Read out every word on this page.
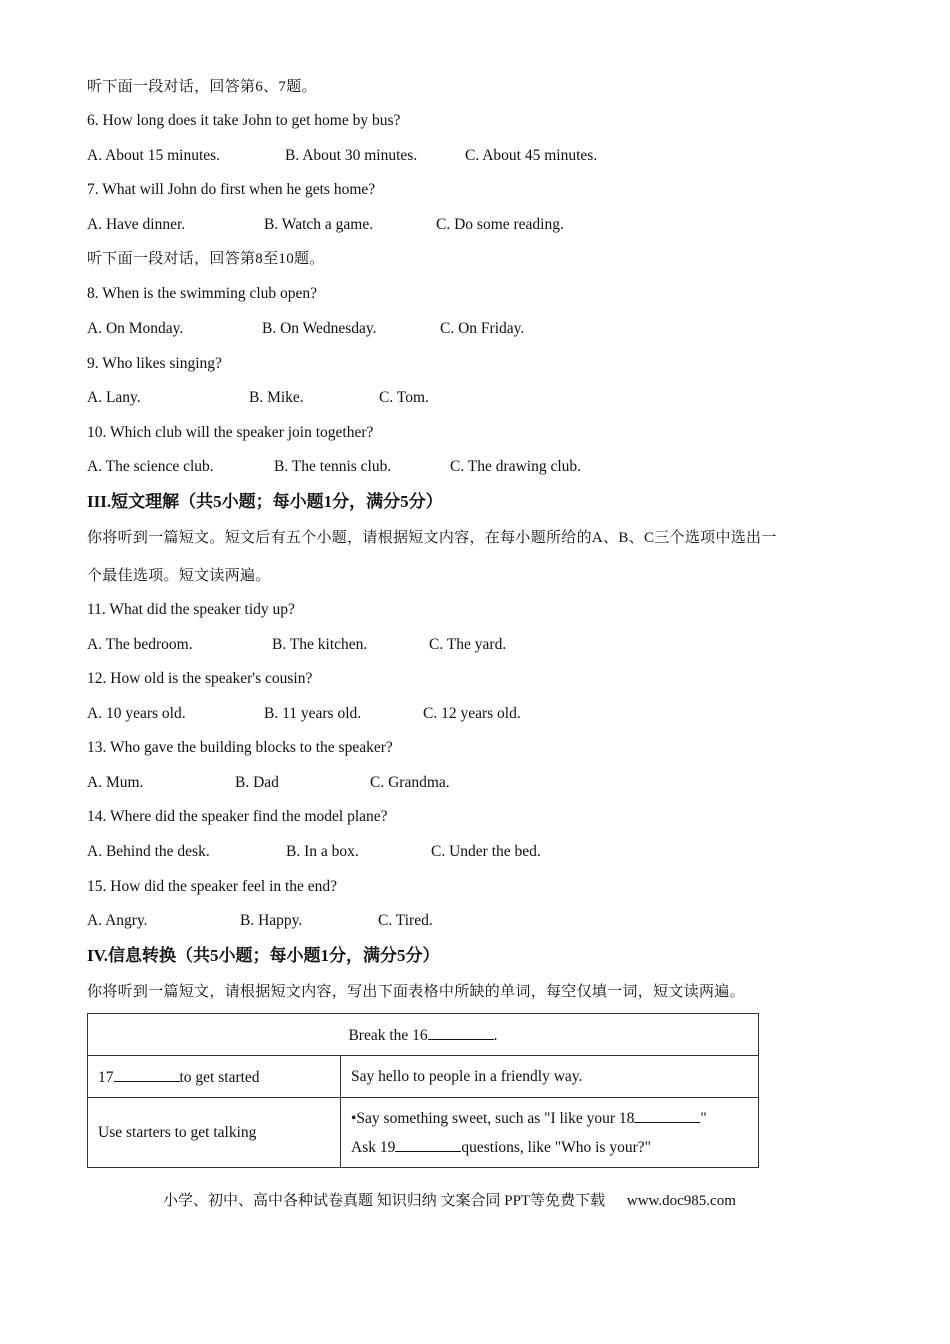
听下面一段对话，回答第6、7题。
6. How long does it take John to get home by bus?
A. About 15 minutes.	B. About 30 minutes.	C. About 45 minutes.
7. What will John do first when he gets home?
A. Have dinner.	B. Watch a game.	C. Do some reading.
听下面一段对话，回答第8至10题。
8. When is the swimming club open?
A. On Monday.	B. On Wednesday.	C. On Friday.
9. Who likes singing?
A. Lany.	B. Mike.	C. Tom.
10. Which club will the speaker join together?
A. The science club.	B. The tennis club.	C. The drawing club.
III.短文理解（共5小题；每小题1分，满分5分）
你将听到一篇短文。短文后有五个小题，请根据短文内容，在每小题所给的A、B、C三个选项中选出一
个最佳选项。短文读两遍。
11. What did the speaker tidy up?
A. The bedroom.	B. The kitchen.	C. The yard.
12. How old is the speaker's cousin?
A. 10 years old.	B. 11 years old.	C. 12 years old.
13. Who gave the building blocks to the speaker?
A. Mum.	B. Dad	C. Grandma.
14. Where did the speaker find the model plane?
A. Behind the desk.	B. In a box.	C. Under the bed.
15. How did the speaker feel in the end?
A. Angry.	B. Happy.	C. Tired.
IV.信息转换（共5小题；每小题1分，满分5分）
你将听到一篇短文，请根据短文内容，写出下面表格中所缺的单词，每空仅填一词，短文读两遍。
Break the 16 .	
17 to get started	Say hello to people in a friendly way.
Use starters to get talking	•Say something sweet, such as "I like your 18 "
Ask 19 questions, like "Who is your?"
小学、初中、高中各种试卷真题 知识归纳 文案合同 PPT等免费下载 www.doc985.com
